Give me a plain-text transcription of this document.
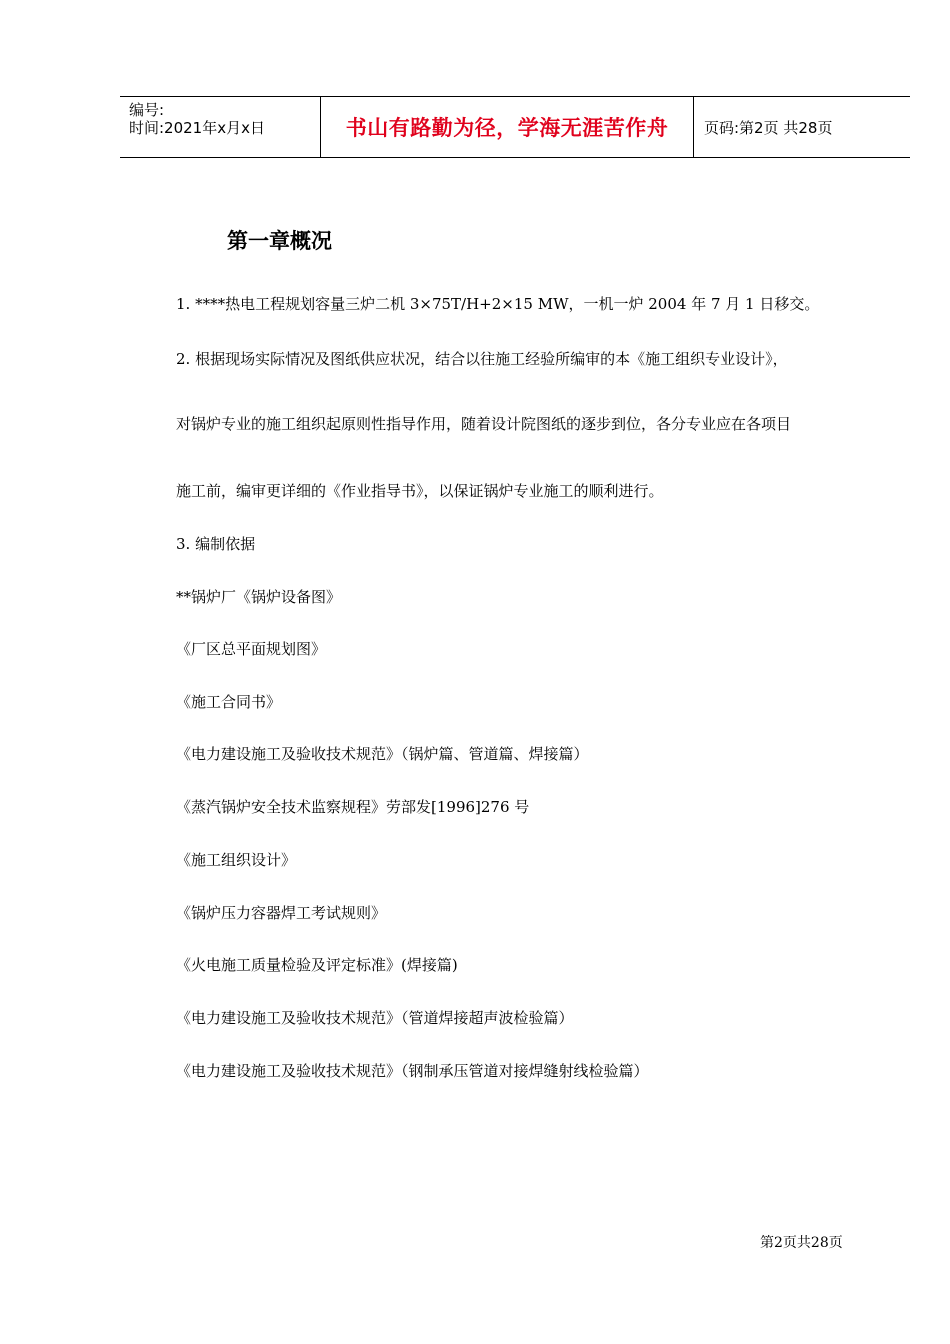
编号:
时间:2021年x月x日	书山有路勤为径，学海无涯苦作舟	页码:第2页 共28页
第一章概况
1. ****热电工程规划容量三炉二机 3×75T/H+2×15 MW，一机一炉 2004 年 7 月 1 日移交。
2. 根据现场实际情况及图纸供应状况，结合以往施工经验所编审的本《施工组织专业设计》，
对锅炉专业的施工组织起原则性指导作用，随着设计院图纸的逐步到位，各分专业应在各项目
施工前，编审更详细的《作业指导书》，以保证锅炉专业施工的顺利进行。
3. 编制依据
**锅炉厂《锅炉设备图》
《厂区总平面规划图》
《施工合同书》
《电力建设施工及验收技术规范》（锅炉篇、管道篇、焊接篇）
《蒸汽锅炉安全技术监察规程》劳部发[1996]276 号
《施工组织设计》
《锅炉压力容器焊工考试规则》
《火电施工质量检验及评定标准》(焊接篇)
《电力建设施工及验收技术规范》（管道焊接超声波检验篇）
《电力建设施工及验收技术规范》（钢制承压管道对接焊缝射线检验篇）
第2页共28页
